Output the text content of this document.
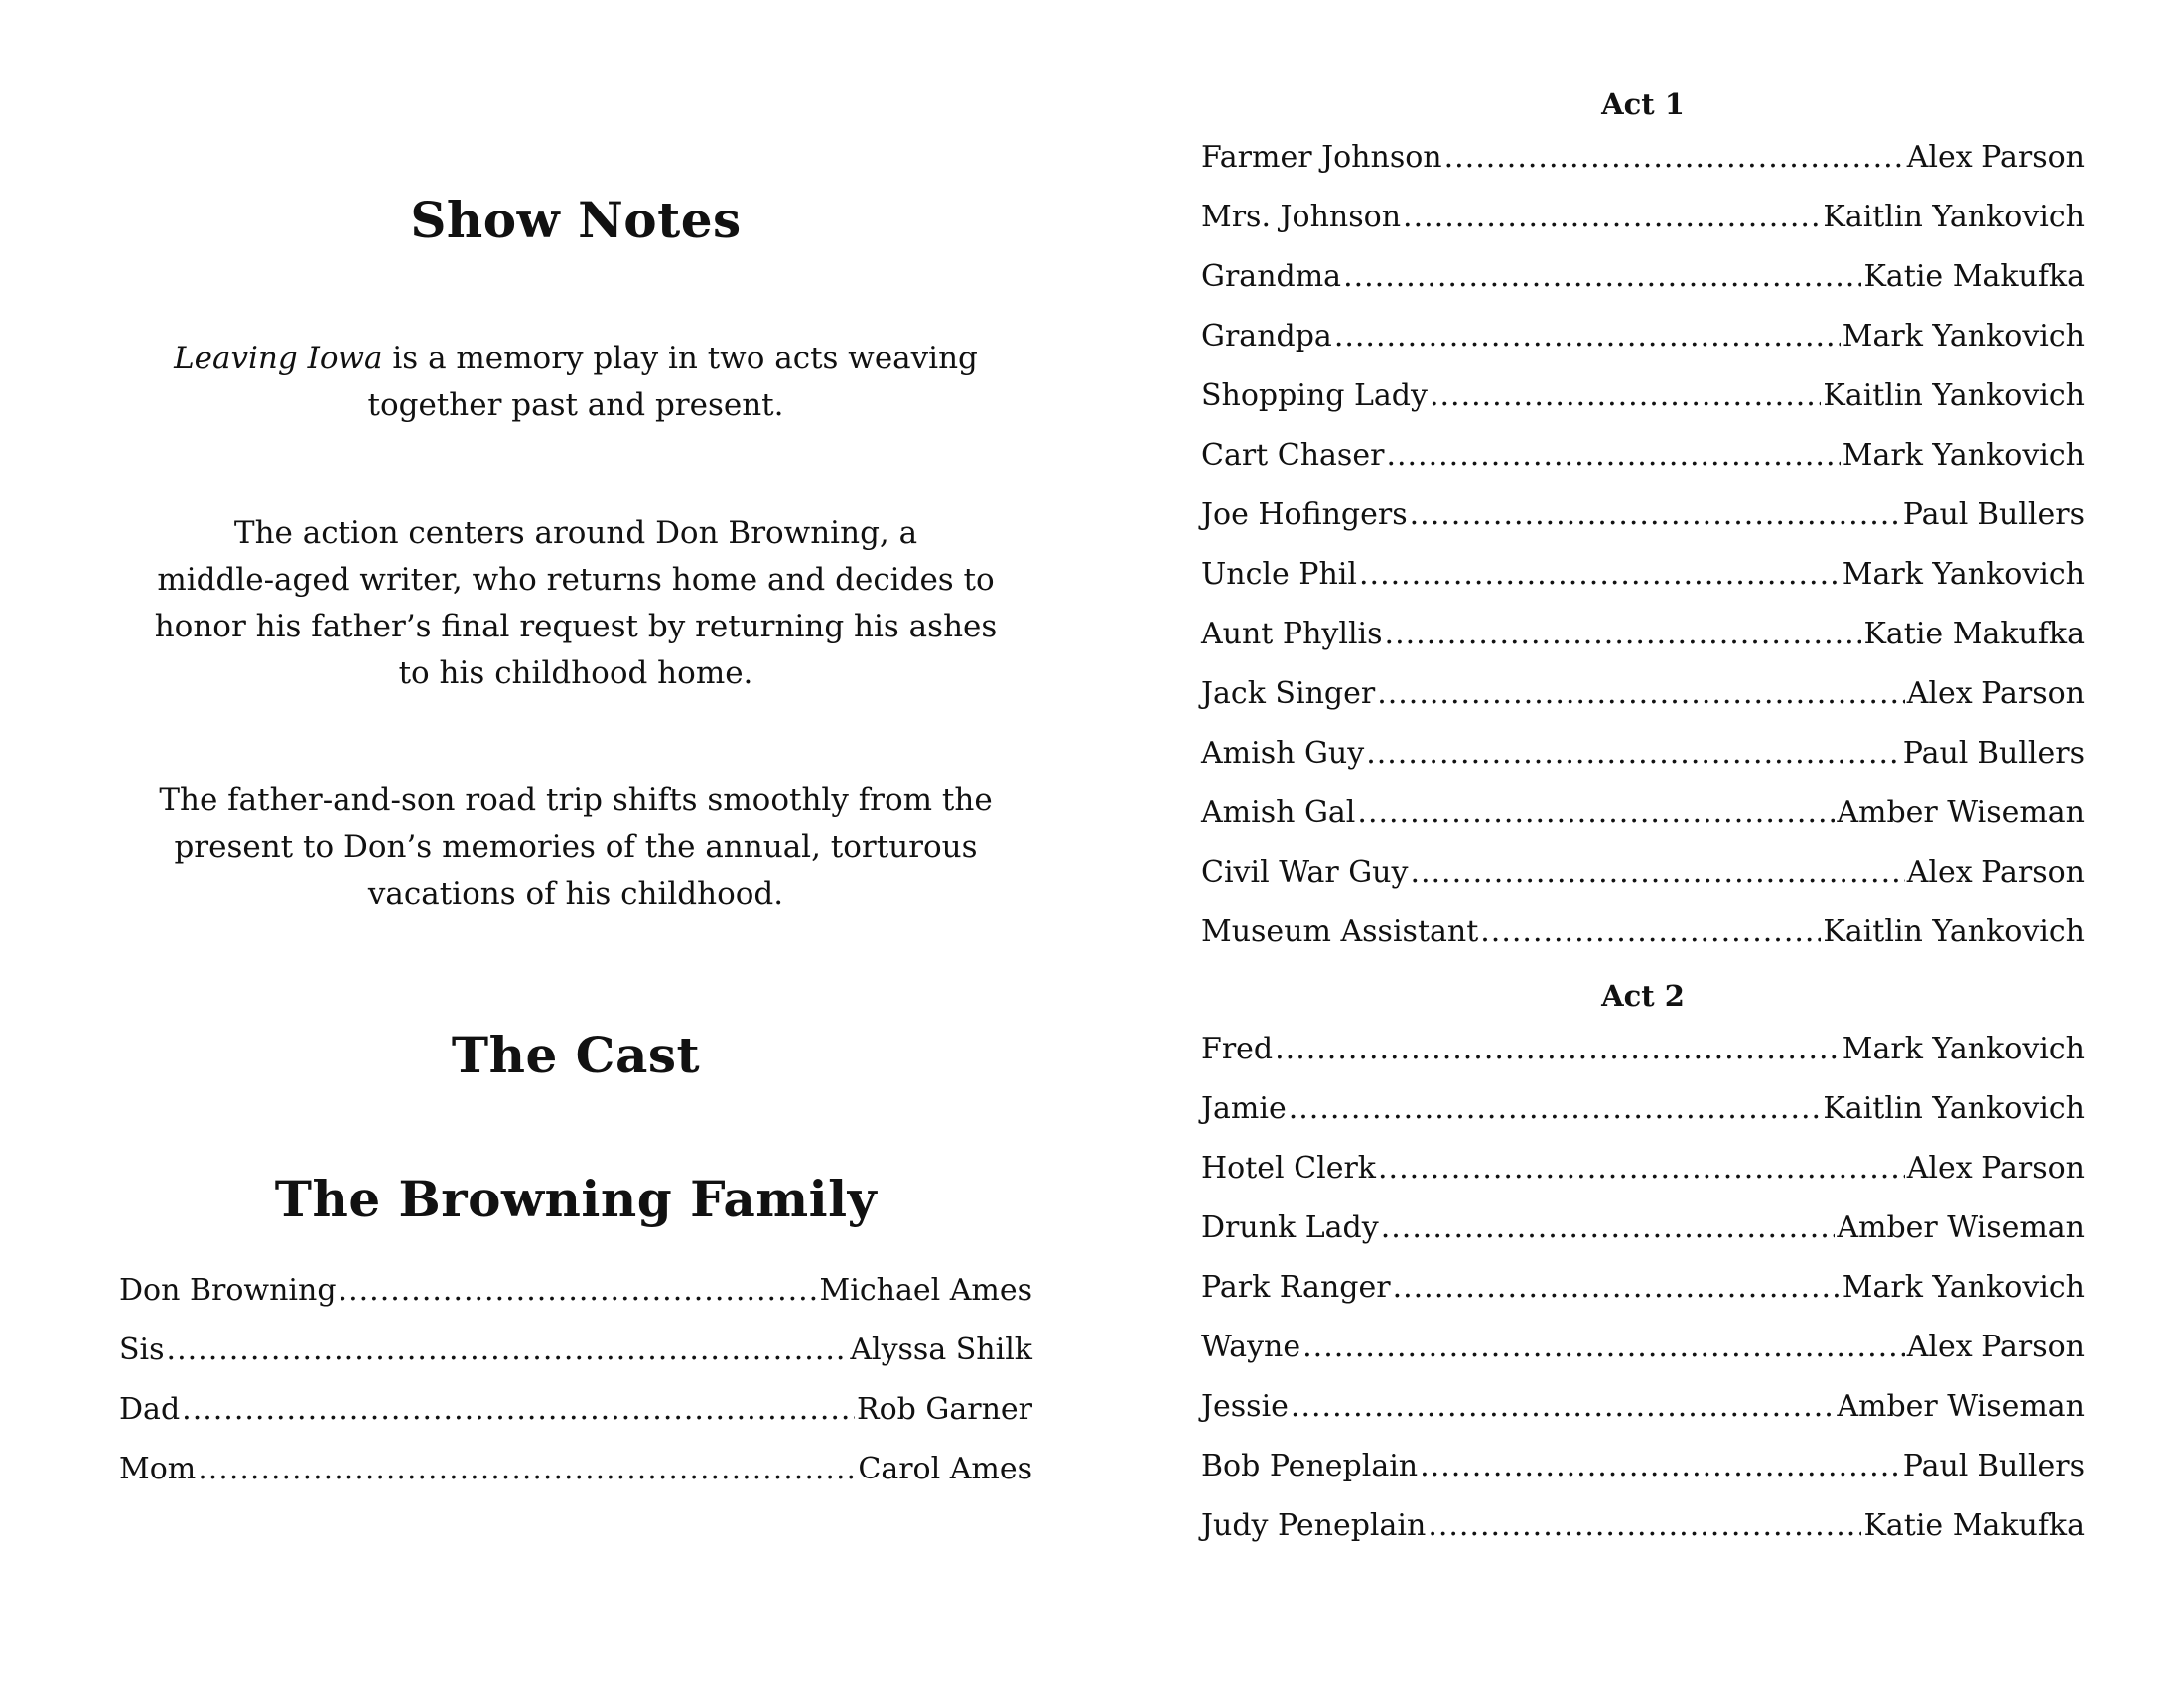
Show Notes
Leaving Iowa is a memory play in two acts weaving
together past and present.
The action centers around Don Browning, a
middle-aged writer, who returns home and decides to
honor his father’s final request by returning his ashes
to his childhood home.
The father-and-son road trip shifts smoothly from the
present to Don’s memories of the annual, torturous
vacations of his childhood.
The Cast
The Browning Family
Don Browning .....	Michael Ames
Sis .....	Alyssa Shilk
Dad .....	Rob Garner
Mom .....	Carol Ames
Act 1
Farmer Johnson .....	Alex Parson
Mrs. Johnson .....	Kaitlin Yankovich
Grandma .....	Katie Makufka
Grandpa .....	Mark Yankovich
Shopping Lady .....	Kaitlin Yankovich
Cart Chaser .....	Mark Yankovich
Joe Hofingers .....	Paul Bullers
Uncle Phil .....	Mark Yankovich
Aunt Phyllis .....	Katie Makufka
Jack Singer .....	Alex Parson
Amish Guy .....	Paul Bullers
Amish Gal .....	Amber Wiseman
Civil War Guy .....	Alex Parson
Museum Assistant .....	Kaitlin Yankovich
Act 2
Fred .....	Mark Yankovich
Jamie .....	Kaitlin Yankovich
Hotel Clerk .....	Alex Parson
Drunk Lady .....	Amber Wiseman
Park Ranger .....	Mark Yankovich
Wayne .....	Alex Parson
Jessie .....	Amber Wiseman
Bob Peneplain .....	Paul Bullers
Judy Peneplain .....	Katie Makufka
